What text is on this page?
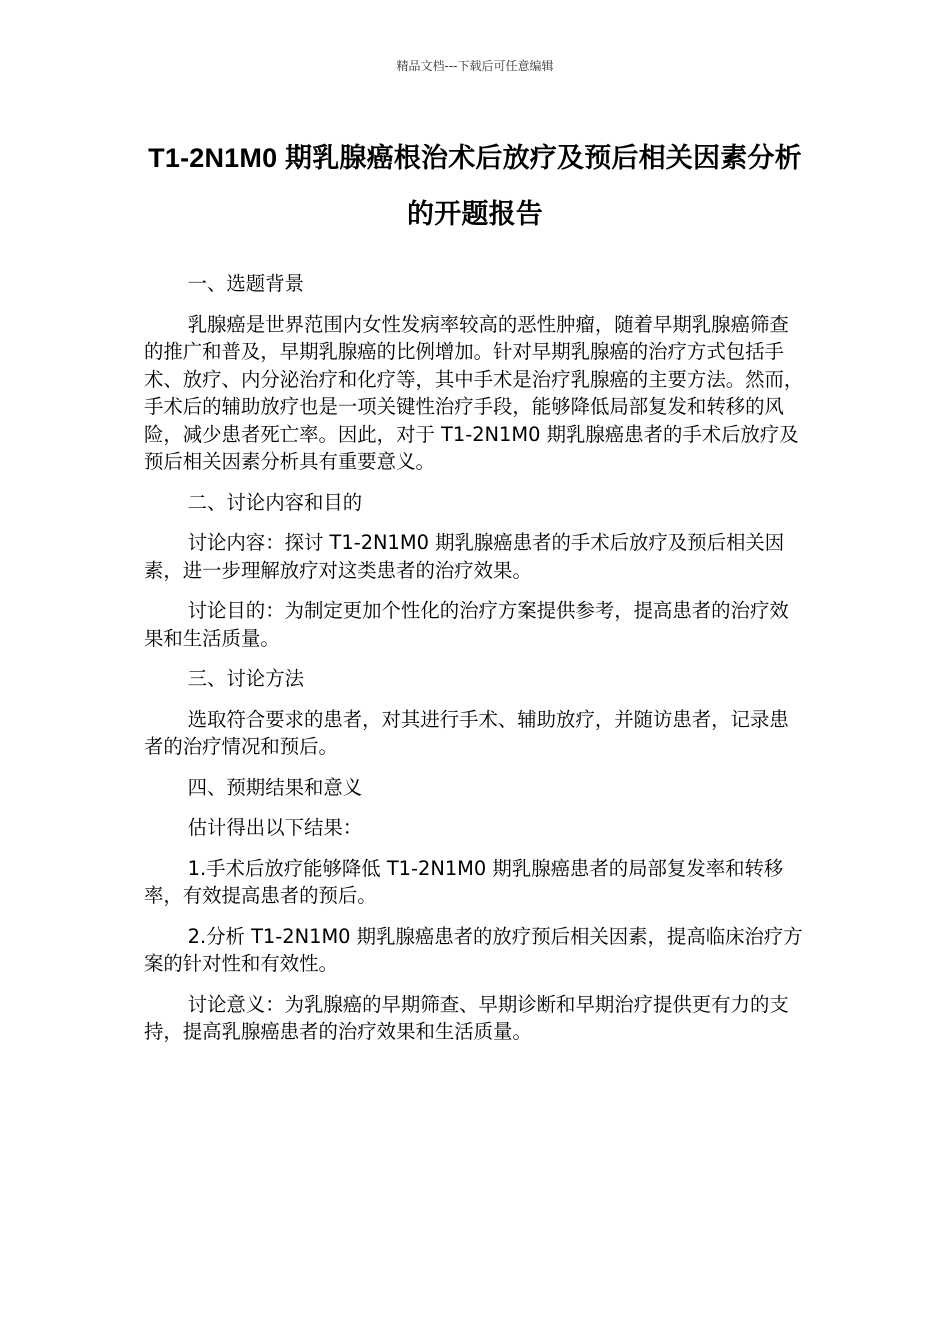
精品文档---下载后可任意编辑
T1-2N1M0 期乳腺癌根治术后放疗及预后相关因素分析的开题报告

一、选题背景

乳腺癌是世界范围内女性发病率较高的恶性肿瘤，随着早期乳腺癌筛查的推广和普及，早期乳腺癌的比例增加。针对早期乳腺癌的治疗方式包括手术、放疗、内分泌治疗和化疗等，其中手术是治疗乳腺癌的主要方法。然而，手术后的辅助放疗也是一项关键性治疗手段，能够降低局部复发和转移的风险，减少患者死亡率。因此，对于 T1-2N1M0 期乳腺癌患者的手术后放疗及预后相关因素分析具有重要意义。

二、讨论内容和目的

讨论内容：探讨 T1-2N1M0 期乳腺癌患者的手术后放疗及预后相关因素，进一步理解放疗对这类患者的治疗效果。

讨论目的：为制定更加个性化的治疗方案提供参考，提高患者的治疗效果和生活质量。

三、讨论方法

选取符合要求的患者，对其进行手术、辅助放疗，并随访患者，记录患者的治疗情况和预后。

四、预期结果和意义

估计得出以下结果：

1.手术后放疗能够降低 T1-2N1M0 期乳腺癌患者的局部复发率和转移率，有效提高患者的预后。

2.分析 T1-2N1M0 期乳腺癌患者的放疗预后相关因素，提高临床治疗方案的针对性和有效性。

讨论意义：为乳腺癌的早期筛查、早期诊断和早期治疗提供更有力的支持，提高乳腺癌患者的治疗效果和生活质量。
